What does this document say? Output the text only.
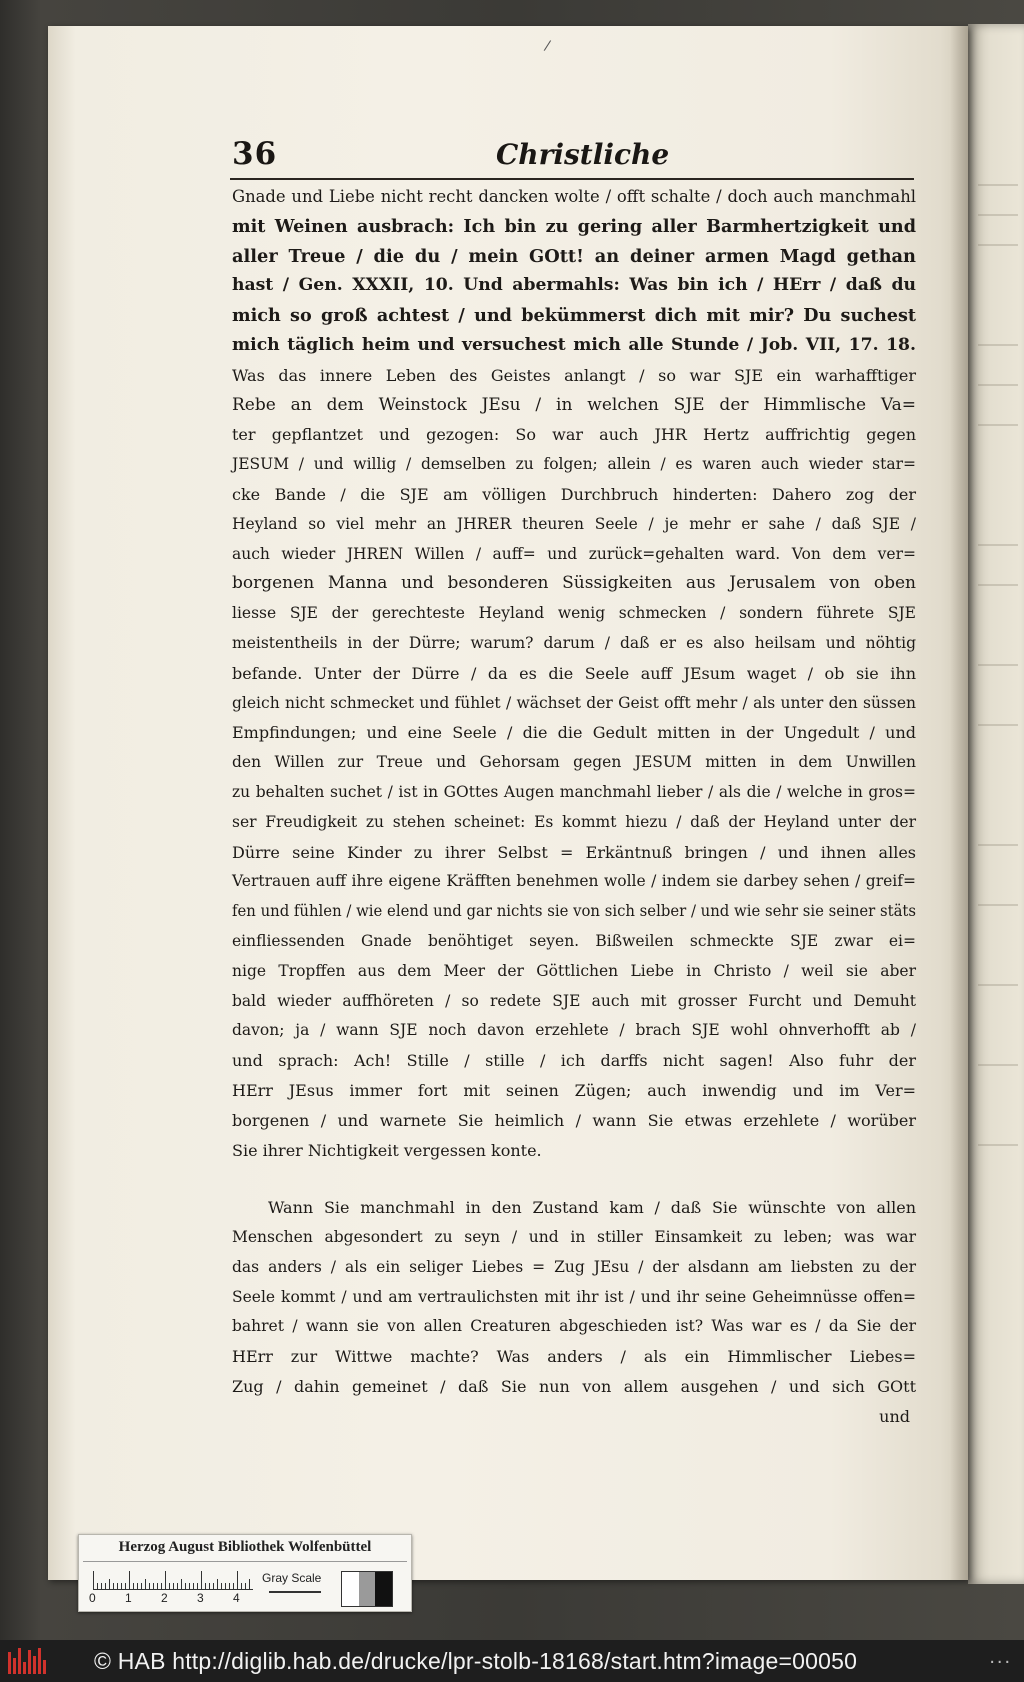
/
36	Christliche
Gnade und Liebe nicht recht dancken wolte / offt schalte / doch auch manchmahl
mit Weinen ausbrach: Ich bin zu gering aller Barmhertzigkeit und
aller Treue / die du / mein GOtt! an deiner armen Magd gethan
hast / Gen. XXXII, 10. Und abermahls: Was bin ich / HErr / daß du
mich so groß achtest / und bekümmerst dich mit mir? Du suchest
mich täglich heim und versuchest mich alle Stunde / Job. VII, 17. 18.
Was das innere Leben des Geistes anlangt / so war SJE ein warhafftiger
Rebe an dem Weinstock JEsu / in welchen SJE der Himmlische Va=
ter gepflantzet und gezogen: So war auch JHR Hertz auffrichtig gegen
JESUM / und willig / demselben zu folgen; allein / es waren auch wieder star=
cke Bande / die SJE am völligen Durchbruch hinderten: Dahero zog der
Heyland so viel mehr an JHRER theuren Seele / je mehr er sahe / daß SJE /
auch wieder JHREN Willen / auff= und zurück=gehalten ward. Von dem ver=
borgenen Manna und besonderen Süssigkeiten aus Jerusalem von oben
liesse SJE der gerechteste Heyland wenig schmecken / sondern führete SJE
meistentheils in der Dürre; warum? darum / daß er es also heilsam und nöhtig
befande. Unter der Dürre / da es die Seele auff JEsum waget / ob sie ihn
gleich nicht schmecket und fühlet / wächset der Geist offt mehr / als unter den süssen
Empfindungen; und eine Seele / die die Gedult mitten in der Ungedult / und
den Willen zur Treue und Gehorsam gegen JESUM mitten in dem Unwillen
zu behalten suchet / ist in GOttes Augen manchmahl lieber / als die / welche in gros=
ser Freudigkeit zu stehen scheinet: Es kommt hiezu / daß der Heyland unter der
Dürre seine Kinder zu ihrer Selbst = Erkäntnuß bringen / und ihnen alles
Vertrauen auff ihre eigene Kräfften benehmen wolle / indem sie darbey sehen / greif=
fen und fühlen / wie elend und gar nichts sie von sich selber / und wie sehr sie seiner stäts
einfliessenden Gnade benöhtiget seyen. Bißweilen schmeckte SJE zwar ei=
nige Tropffen aus dem Meer der Göttlichen Liebe in Christo / weil sie aber
bald wieder auffhöreten / so redete SJE auch mit grosser Furcht und Demuht
davon; ja / wann SJE noch davon erzehlete / brach SJE wohl ohnverhofft ab /
und sprach: Ach! Stille / stille / ich darffs nicht sagen! Also fuhr der
HErr JEsus immer fort mit seinen Zügen; auch inwendig und im Ver=
borgenen / und warnete Sie heimlich / wann Sie etwas erzehlete / worüber
Sie ihrer Nichtigkeit vergessen konte.
Wann Sie manchmahl in den Zustand kam / daß Sie wünschte von allen
Menschen abgesondert zu seyn / und in stiller Einsamkeit zu leben; was war
das anders / als ein seliger Liebes = Zug JEsu / der alsdann am liebsten zu der
Seele kommt / und am vertraulichsten mit ihr ist / und ihr seine Geheimnüsse offen=
bahret / wann sie von allen Creaturen abgeschieden ist? Was war es / da Sie der
HErr zur Wittwe machte? Was anders / als ein Himmlischer Liebes=
Zug / dahin gemeinet / daß Sie nun von allem ausgehen / und sich GOtt
und
Herzog August Bibliothek Wolfenbüttel
0 1 2 3 4
Gray Scale
© HAB http://diglib.hab.de/drucke/lpr-stolb-18168/start.htm?image=00050	...
